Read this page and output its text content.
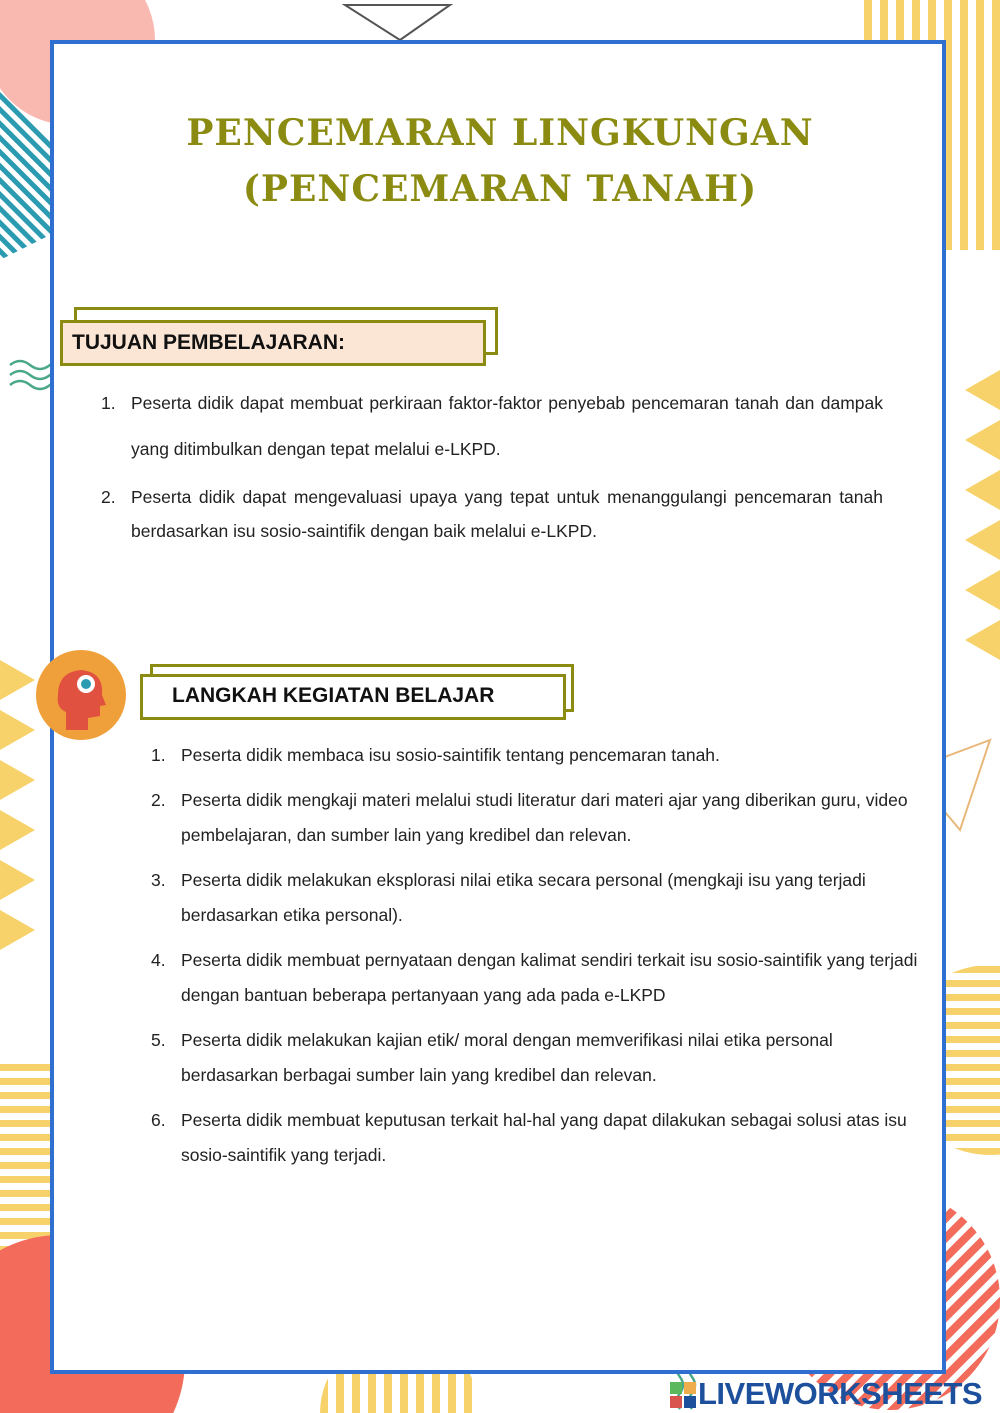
PENCEMARAN LINGKUNGAN
(PENCEMARAN TANAH)
TUJUAN PEMBELAJARAN:
1. Peserta didik dapat membuat perkiraan faktor-faktor penyebab pencemaran tanah dan dampak yang ditimbulkan dengan tepat melalui e-LKPD.
2. Peserta didik dapat mengevaluasi upaya yang tepat untuk menanggulangi pencemaran tanah berdasarkan isu sosio-saintifik dengan baik melalui e-LKPD.
LANGKAH KEGIATAN BELAJAR
1. Peserta didik membaca isu sosio-saintifik tentang pencemaran tanah.
2. Peserta didik mengkaji materi melalui studi literatur dari materi ajar yang diberikan guru, video pembelajaran, dan sumber lain yang kredibel dan relevan.
3. Peserta didik melakukan eksplorasi nilai etika secara personal (mengkaji isu yang terjadi berdasarkan etika personal).
4. Peserta didik membuat pernyataan dengan kalimat sendiri terkait isu sosio-saintifik yang terjadi dengan bantuan beberapa pertanyaan yang ada pada e-LKPD
5. Peserta didik melakukan kajian etik/ moral dengan memverifikasi nilai etika personal berdasarkan berbagai sumber lain yang kredibel dan relevan.
6. Peserta didik membuat keputusan terkait hal-hal yang dapat dilakukan sebagai solusi atas isu sosio-saintifik yang terjadi.
LIVEWORKSHEETS
